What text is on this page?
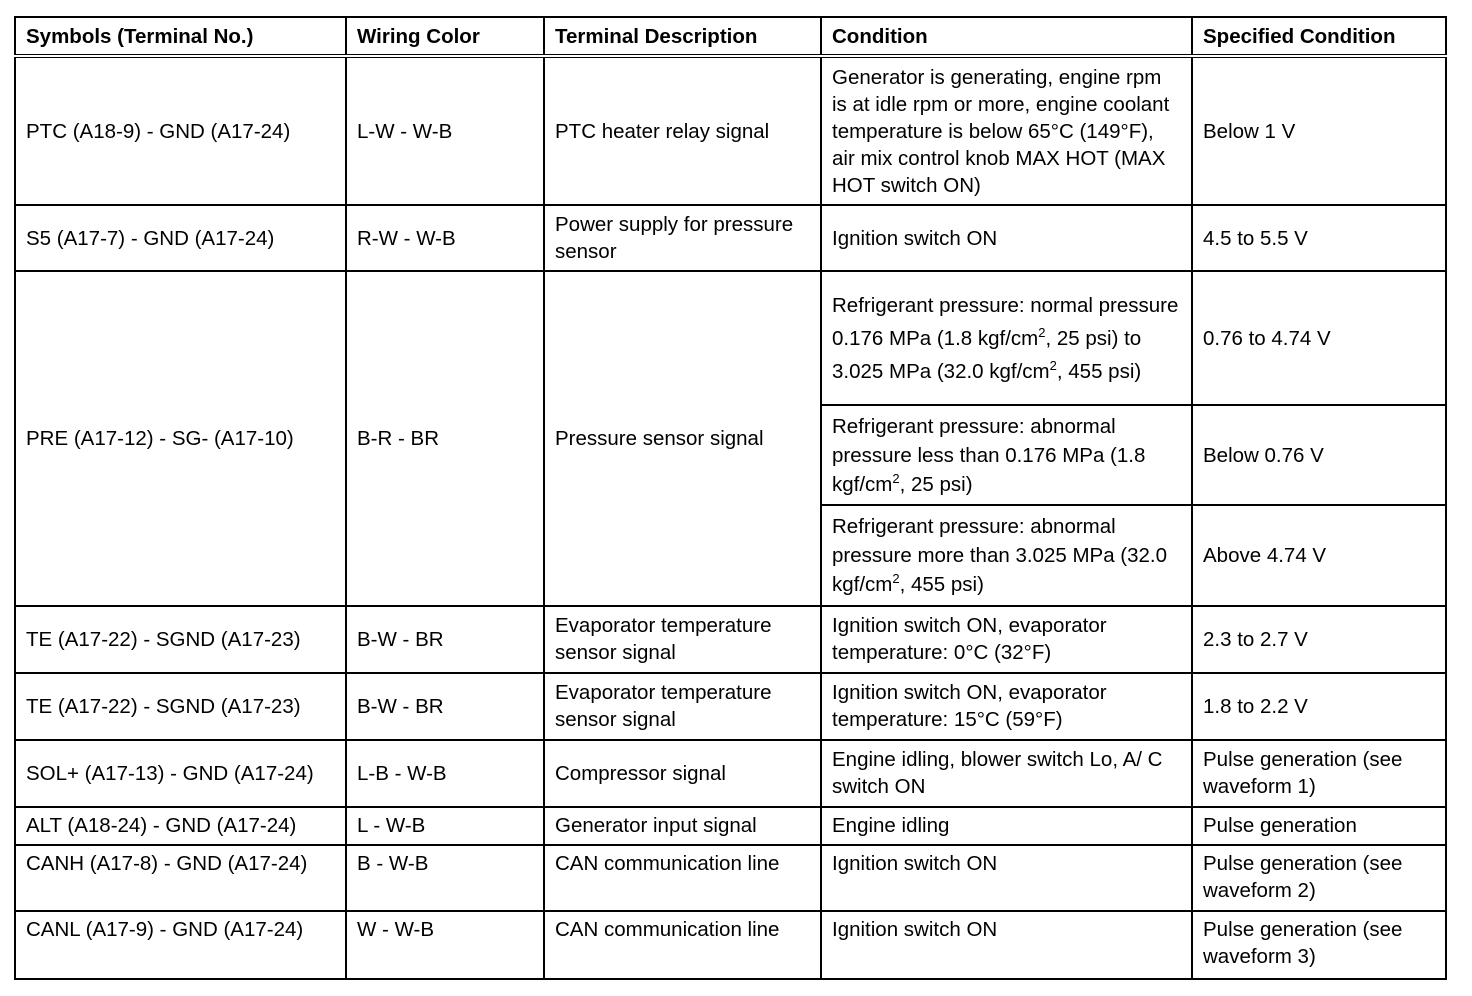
Symbols (Terminal No.)	Wiring Color	Terminal Description	Condition	Specified Condition
PTC (A18-9) - GND (A17-24)	L-W - W-B	PTC heater relay signal	Generator is generating, engine rpm is at idle rpm or more, engine coolant temperature is below 65°C (149°F), air mix control knob MAX HOT (MAX HOT switch ON)	Below 1 V
S5 (A17-7) - GND (A17-24)	R-W - W-B	Power supply for pressure sensor	Ignition switch ON	4.5 to 5.5 V
PRE (A17-12) - SG- (A17-10)	B-R - BR	Pressure sensor signal	Refrigerant pressure: normal pressure 0.176 MPa (1.8 kgf/$cm^2$, 25 psi) to 3.025 MPa (32.0 kgf/$cm^2$, 455 psi)	0.76 to 4.74 V
			Refrigerant pressure: abnormal pressure less than 0.176 MPa (1.8 kgf/$cm^2$, 25 psi)	Below 0.76 V
			Refrigerant pressure: abnormal pressure more than 3.025 MPa (32.0 kgf/$cm^2$, 455 psi)	Above 4.74 V
TE (A17-22) - SGND (A17-23)	B-W - BR	Evaporator temperature sensor signal	Ignition switch ON, evaporator temperature: 0°C (32°F)	2.3 to 2.7 V
TE (A17-22) - SGND (A17-23)	B-W - BR	Evaporator temperature sensor signal	Ignition switch ON, evaporator temperature: 15°C (59°F)	1.8 to 2.2 V
SOL+ (A17-13) - GND (A17-24)	L-B - W-B	Compressor signal	Engine idling, blower switch Lo, A/ C switch ON	Pulse generation (see waveform 1)
ALT (A18-24) - GND (A17-24)	L - W-B	Generator input signal	Engine idling	Pulse generation
CANH (A17-8) - GND (A17-24)	B - W-B	CAN communication line	Ignition switch ON	Pulse generation (see waveform 2)
CANL (A17-9) - GND (A17-24)	W - W-B	CAN communication line	Ignition switch ON	Pulse generation (see waveform 3)
